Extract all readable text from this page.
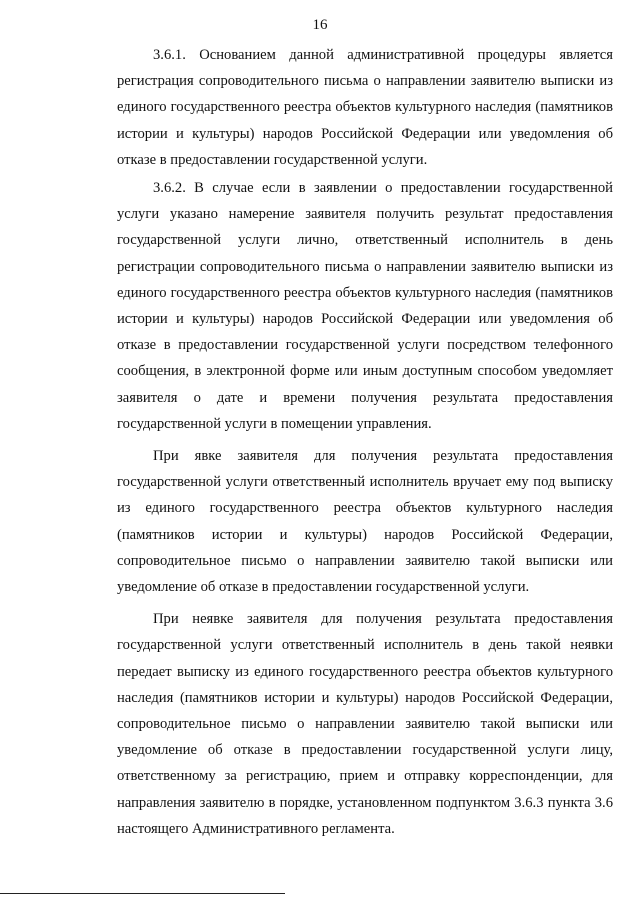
16

3.6.1. Основанием данной административной процедуры является регистрация сопроводительного письма о направлении заявителю выписки из единого государственного реестра объектов культурного наследия (памятников истории и культуры) народов Российской Федерации или уведомления об отказе в предоставлении государственной услуги.

3.6.2. В случае если в заявлении о предоставлении государственной услуги указано намерение заявителя получить результат предоставления государственной услуги лично, ответственный исполнитель в день регистрации сопроводительного письма о направлении заявителю выписки из единого государственного реестра объектов культурного наследия (памятников истории и культуры) народов Российской Федерации или уведомления об отказе в предоставлении государственной услуги посредством телефонного сообщения, в электронной форме или иным доступным способом уведомляет заявителя о дате и времени получения результата предоставления государственной услуги в помещении управления.

При явке заявителя для получения результата предоставления государственной услуги ответственный исполнитель вручает ему под выписку из единого государственного реестра объектов культурного наследия (памятников истории и культуры) народов Российской Федерации, сопроводительное письмо о направлении заявителю такой выписки или уведомление об отказе в предоставлении государственной услуги.

При неявке заявителя для получения результата предоставления государственной услуги ответственный исполнитель в день такой неявки передает выписку из единого государственного реестра объектов культурного наследия (памятников истории и культуры) народов Российской Федерации, сопроводительное письмо о направлении заявителю такой выписки или уведомление об отказе в предоставлении государственной услуги лицу, ответственному за регистрацию, прием и отправку корреспонденции, для направления заявителю в порядке, установленном подпунктом 3.6.3 пункта 3.6 настоящего Административного регламента.
